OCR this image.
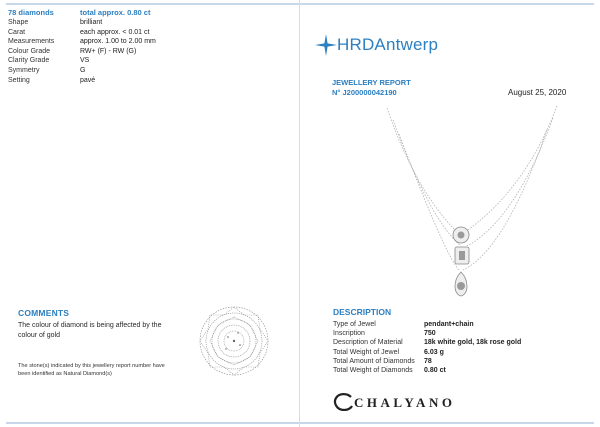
78 diamonds	total approx. 0.80 ct
Shape	brilliant
Carat	each approx. < 0.01 ct
Measurements	approx. 1.00 to 2.00 mm
Colour Grade	RW+ (F) - RW (G)
Clarity Grade	VS
Symmetry	G
Setting	pavé
COMMENTS
The colour of diamond is being affected by the colour of gold
The stone(s) indicated by this jewellery report number have been identified as Natural Diamond(s)
HRDAntwerp
JEWELLERY REPORT
N° J200000042190	August 25, 2020
DESCRIPTION
Type of Jewel	pendant+chain
Inscription	750
Description of Material	18k white gold, 18k rose gold
Total Weight of Jewel	6.03 g
Total Amount of Diamonds	78
Total Weight of Diamonds	0.80 ct
CHALYANO
